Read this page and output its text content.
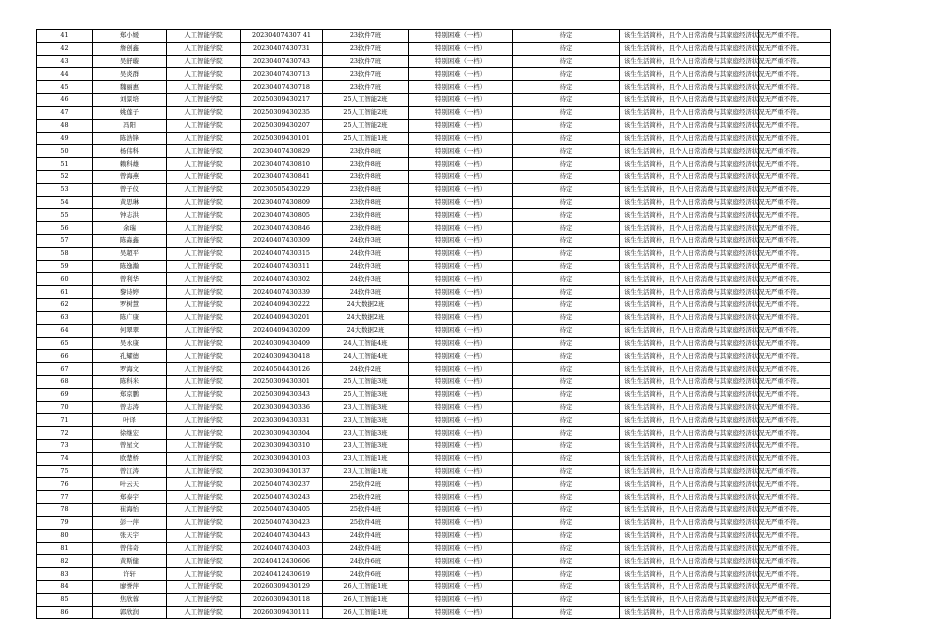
41	郑小媛	人工智能学院	202304074307 41	23软件7班	特别困难（一档）	待定	该生生活简朴，且个人日常消费与其家庭经济状况无严重不符。	
42	詹创鑫	人工智能学院	20230407430731	23软件7班	特别困难（一档）	待定	该生生活简朴，且个人日常消费与其家庭经济状况无严重不符。	
43	吴舒璇	人工智能学院	20230407430743	23软件7班	特别困难（一档）	待定	该生生活简朴，且个人日常消费与其家庭经济状况无严重不符。	
44	吴炎群	人工智能学院	20230407430713	23软件7班	特别困难（一档）	待定	该生生活简朴，且个人日常消费与其家庭经济状况无严重不符。	
45	魏丽惠	人工智能学院	20230407430718	23软件7班	特别困难（一档）	待定	该生生活简朴，且个人日常消费与其家庭经济状况无严重不符。	
46	刘景培	人工智能学院	20250309430217	25人工智能2班	特别困难（一档）	待定	该生生活简朴，且个人日常消费与其家庭经济状况无严重不符。	
47	姚莲子	人工智能学院	20250309430235	25人工智能2班	特别困难（一档）	待定	该生生活简朴，且个人日常消费与其家庭经济状况无严重不符。	
48	冯阳	人工智能学院	20250309430207	25人工智能2班	特别困难（一档）	待定	该生生活简朴，且个人日常消费与其家庭经济状况无严重不符。	
49	陈浩锋	人工智能学院	20250309430101	25人工智能1班	特别困难（一档）	待定	该生生活简朴，且个人日常消费与其家庭经济状况无严重不符。	
50	杨伟科	人工智能学院	20230407430829	23软件8班	特别困难（一档）	待定	该生生活简朴，且个人日常消费与其家庭经济状况无严重不符。	
51	赖科雄	人工智能学院	20230407430810	23软件8班	特别困难（一档）	待定	该生生活简朴，且个人日常消费与其家庭经济状况无严重不符。	
52	曾海燕	人工智能学院	20230407430841	23软件8班	特别困难（一档）	待定	该生生活简朴，且个人日常消费与其家庭经济状况无严重不符。	
53	曾子仪	人工智能学院	20230505430229	23软件8班	特别困难（一档）	待定	该生生活简朴，且个人日常消费与其家庭经济状况无严重不符。	
54	黄思琳	人工智能学院	20230407430809	23软件8班	特别困难（一档）	待定	该生生活简朴，且个人日常消费与其家庭经济状况无严重不符。	
55	钟志洪	人工智能学院	20230407430805	23软件8班	特别困难（一档）	待定	该生生活简朴，且个人日常消费与其家庭经济状况无严重不符。	
56	余瑞	人工智能学院	20230407430846	23软件8班	特别困难（一档）	待定	该生生活简朴，且个人日常消费与其家庭经济状况无严重不符。	
57	陈淼鑫	人工智能学院	20240407430309	24软件3班	特别困难（一档）	待定	该生生活简朴，且个人日常消费与其家庭经济状况无严重不符。	
58	吴超平	人工智能学院	20240407430315	24软件3班	特别困难（一档）	待定	该生生活简朴，且个人日常消费与其家庭经济状况无严重不符。	
59	陈逸瀚	人工智能学院	20240407430311	24软件3班	特别困难（一档）	待定	该生生活简朴，且个人日常消费与其家庭经济状况无严重不符。	
60	曾利华	人工智能学院	20240407430302	24软件3班	特别困难（一档）	待定	该生生活简朴，且个人日常消费与其家庭经济状况无严重不符。	
61	黎诗婷	人工智能学院	20240407430339	24软件3班	特别困难（一档）	待定	该生生活简朴，且个人日常消费与其家庭经济状况无严重不符。	
62	罗树慧	人工智能学院	20240409430222	24大数据2班	特别困难（一档）	待定	该生生活简朴，且个人日常消费与其家庭经济状况无严重不符。	
63	陈广康	人工智能学院	20240409430201	24大数据2班	特别困难（一档）	待定	该生生活简朴，且个人日常消费与其家庭经济状况无严重不符。	
64	何翠翠	人工智能学院	20240409430209	24大数据2班	特别困难（一档）	待定	该生生活简朴，且个人日常消费与其家庭经济状况无严重不符。	
65	吴永康	人工智能学院	20240309430409	24人工智能4班	特别困难（一档）	待定	该生生活简朴，且个人日常消费与其家庭经济状况无严重不符。	
66	孔耀德	人工智能学院	20240309430418	24人工智能4班	特别困难（一档）	待定	该生生活简朴，且个人日常消费与其家庭经济状况无严重不符。	
67	罗海文	人工智能学院	20240504430126	24软件2班	特别困难（一档）	待定	该生生活简朴，且个人日常消费与其家庭经济状况无严重不符。	
68	陈科米	人工智能学院	20250309430301	25人工智能3班	特别困难（一档）	待定	该生生活简朴，且个人日常消费与其家庭经济状况无严重不符。	
69	郑京鹏	人工智能学院	20250309430343	25人工智能3班	特别困难（一档）	待定	该生生活简朴，且个人日常消费与其家庭经济状况无严重不符。	
70	曾志涛	人工智能学院	20230309430336	23人工智能3班	特别困难（一档）	待定	该生生活简朴，且个人日常消费与其家庭经济状况无严重不符。	
71	叶译	人工智能学院	20230309430331	23人工智能3班	特别困难（一档）	待定	该生生活简朴，且个人日常消费与其家庭经济状况无严重不符。	
72	徐继宏	人工智能学院	20230309430304	23人工智能3班	特别困难（一档）	待定	该生生活简朴，且个人日常消费与其家庭经济状况无严重不符。	
73	曾星文	人工智能学院	20230309430310	23人工智能3班	特别困难（一档）	待定	该生生活简朴，且个人日常消费与其家庭经济状况无严重不符。	
74	欧楚桥	人工智能学院	20230309430103	23人工智能1班	特别困难（一档）	待定	该生生活简朴，且个人日常消费与其家庭经济状况无严重不符。	
75	曾江涛	人工智能学院	20230309430137	23人工智能1班	特别困难（一档）	待定	该生生活简朴，且个人日常消费与其家庭经济状况无严重不符。	
76	叶云天	人工智能学院	20250407430237	25软件2班	特别困难（一档）	待定	该生生活简朴，且个人日常消费与其家庭经济状况无严重不符。	
77	郑泰宇	人工智能学院	20250407430243	25软件2班	特别困难（一档）	待定	该生生活简朴，且个人日常消费与其家庭经济状况无严重不符。	
78	崔海怡	人工智能学院	20250407430405	25软件4班	特别困难（一档）	待定	该生生活简朴，且个人日常消费与其家庭经济状况无严重不符。	
79	彭一萍	人工智能学院	20250407430423	25软件4班	特别困难（一档）	待定	该生生活简朴，且个人日常消费与其家庭经济状况无严重不符。	
80	张天宇	人工智能学院	20240407430443	24软件4班	特别困难（一档）	待定	该生生活简朴，且个人日常消费与其家庭经济状况无严重不符。	
81	曾伟奇	人工智能学院	20240407430403	24软件4班	特别困难（一档）	待定	该生生活简朴，且个人日常消费与其家庭经济状况无严重不符。	
82	黄斯健	人工智能学院	20240412430606	24软件6班	特别困难（一档）	待定	该生生活简朴，且个人日常消费与其家庭经济状况无严重不符。	
83	许轩	人工智能学院	20240412430619	24软件6班	特别困难（一档）	待定	该生生活简朴，且个人日常消费与其家庭经济状况无严重不符。	
84	廖誉萍	人工智能学院	20260309430129	26人工智能1班	特别困难（一档）	待定	该生生活简朴，且个人日常消费与其家庭经济状况无严重不符。	
85	焦欣蓉	人工智能学院	20260309430118	26人工智能1班	特别困难（一档）	待定	该生生活简朴，且个人日常消费与其家庭经济状况无严重不符。	
86	郭欣润	人工智能学院	20260309430111	26人工智能1班	特别困难（一档）	待定	该生生活简朴，且个人日常消费与其家庭经济状况无严重不符。	
